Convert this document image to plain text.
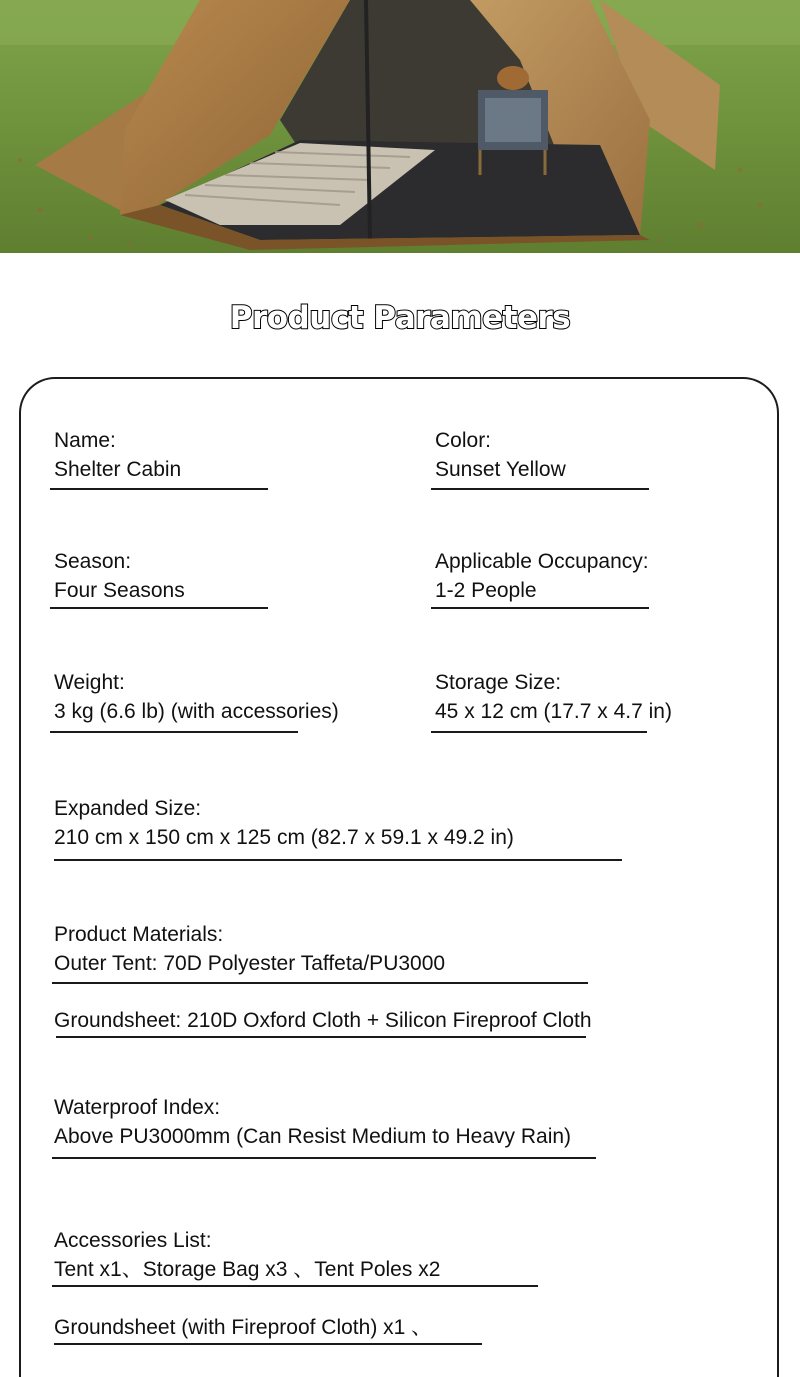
Product Parameters
Name:
Shelter Cabin
Color:
Sunset Yellow
Season:
Four Seasons
Applicable Occupancy:
1-2 People
Weight:
3 kg (6.6 lb) (with accessories)
Storage Size:
45 x 12 cm (17.7 x 4.7 in)
Expanded Size:
210 cm x 150 cm x 125 cm (82.7 x 59.1 x 49.2 in)
Product Materials:
Outer Tent: 70D Polyester Taffeta/PU3000
Groundsheet: 210D Oxford Cloth + Silicon Fireproof Cloth
Waterproof Index:
Above PU3000mm (Can Resist Medium to Heavy Rain)
Accessories List:
Tent x1、Storage Bag x3 、Tent Poles x2
Groundsheet (with Fireproof Cloth) x1 、
